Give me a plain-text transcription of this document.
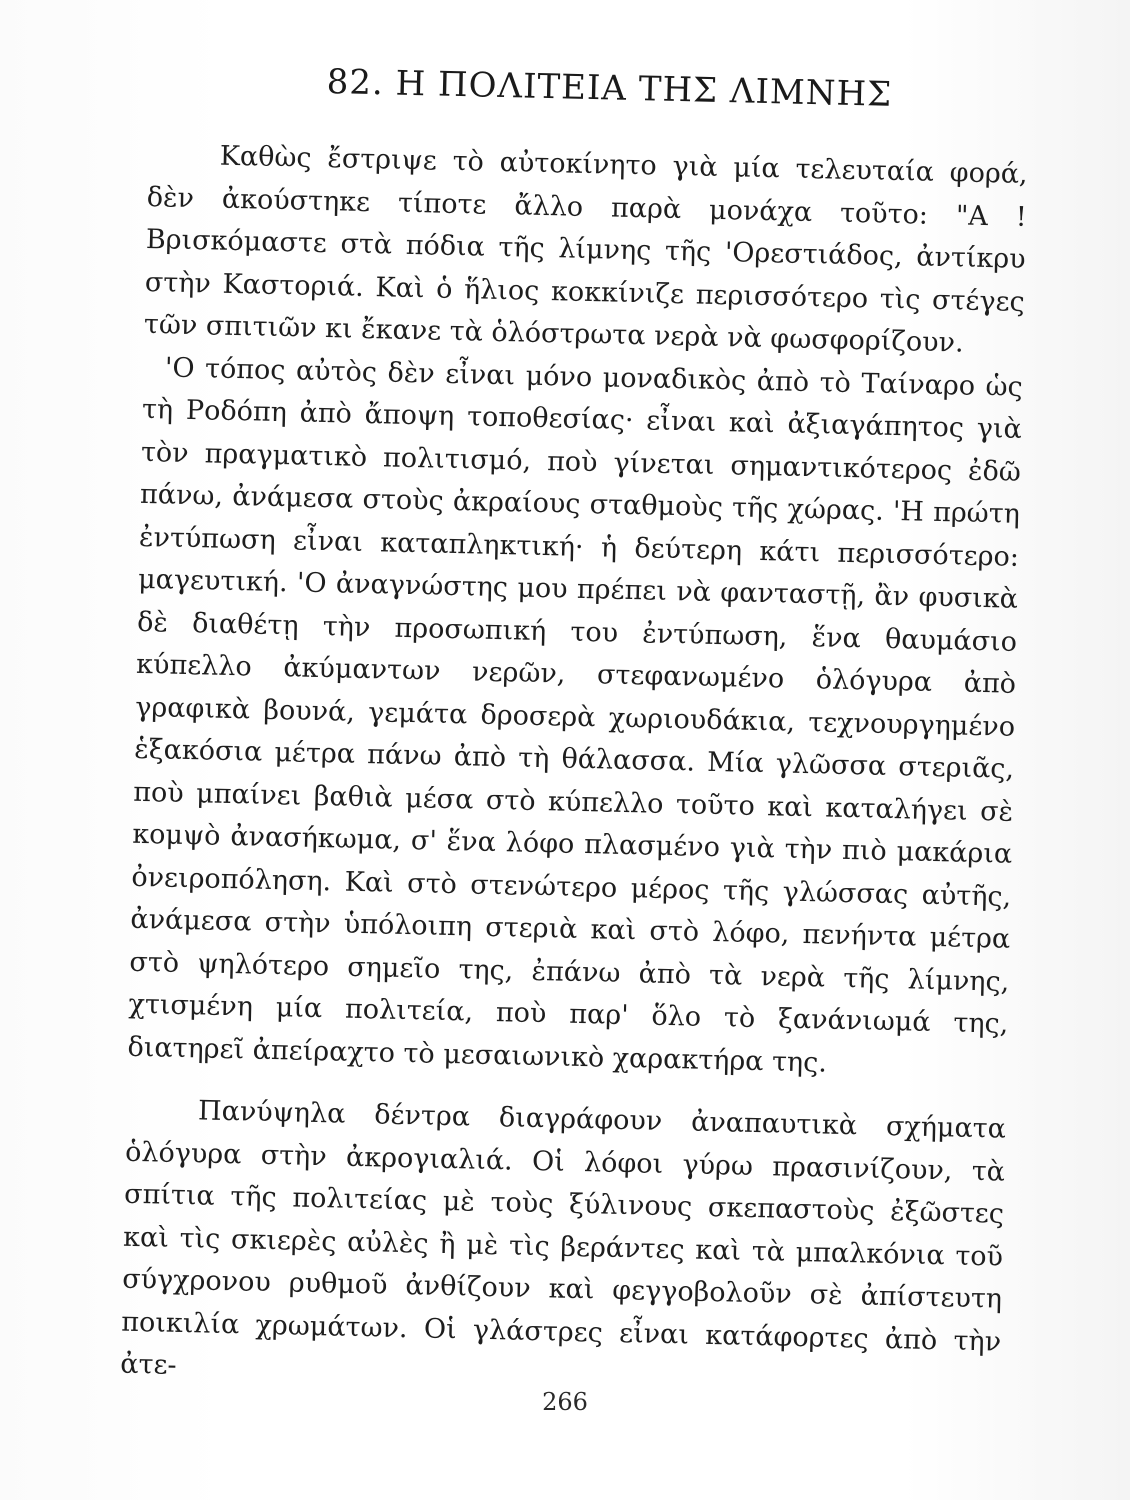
82. Η ΠΟΛΙΤΕΙΑ ΤΗΣ ΛΙΜΝΗΣ

Καθὼς ἔστριψε τὸ αὐτοκίνητο γιὰ μία τελευταία φορά, δὲν ἀκούστηκε τίποτε ἄλλο παρὰ μονάχα τοῦτο: "Α ! Βρισκόμαστε στὰ πόδια τῆς λίμνης τῆς 'Ορεστιάδος, ἀντίκρυ στὴν Καστοριά. Καὶ ὁ ἥλιος κοκκίνιζε περισσότερο τὶς στέγες τῶν σπιτιῶν κι ἔκανε τὰ ὁλόστρωτα νερὰ νὰ φωσφορίζουν.

'Ο τόπος αὐτὸς δὲν εἶναι μόνο μοναδικὸς ἀπὸ τὸ Ταίναρο ὡς τὴ Ροδόπη ἀπὸ ἄποψη τοποθεσίας· εἶναι καὶ ἀξιαγάπητος γιὰ τὸν πραγματικὸ πολιτισμό, ποὺ γίνεται σημαντικότερος ἐδῶ πάνω, ἀνάμεσα στοὺς ἀκραίους σταθμοὺς τῆς χώρας. 'Η πρώτη ἐντύπωση εἶναι καταπληκτική· ἡ δεύτερη κάτι περισσότερο: μαγευτική. 'Ο ἀναγνώστης μου πρέπει νὰ φανταστῇ, ἂν φυσικὰ δὲ διαθέτῃ τὴν προσωπική του ἐντύπωση, ἕνα θαυμάσιο κύπελλο ἀκύμαντων νερῶν, στεφανωμένο ὁλόγυρα ἀπὸ γραφικὰ βουνά, γεμάτα δροσερὰ χωριουδάκια, τεχνουργημένο ἑξακόσια μέτρα πάνω ἀπὸ τὴ θάλασσα. Μία γλῶσσα στεριᾶς, ποὺ μπαίνει βαθιὰ μέσα στὸ κύπελλο τοῦτο καὶ καταλήγει σὲ κομψὸ ἀνασήκωμα, σ' ἕνα λόφο πλασμένο γιὰ τὴν πιὸ μακάρια ὀνειροπόληση. Καὶ στὸ στενώτερο μέρος τῆς γλώσσας αὐτῆς, ἀνάμεσα στὴν ὑπόλοιπη στεριὰ καὶ στὸ λόφο, πενήντα μέτρα στὸ ψηλότερο σημεῖο της, ἐπάνω ἀπὸ τὰ νερὰ τῆς λίμνης, χτισμένη μία πολιτεία, ποὺ παρ' ὅλο τὸ ξανάνιωμά της, διατηρεῖ ἀπείραχτο τὸ μεσαιωνικὸ χαρακτήρα της.

Πανύψηλα δέντρα διαγράφουν ἀναπαυτικὰ σχήματα ὁλόγυρα στὴν ἀκρογιαλιά. Οἱ λόφοι γύρω πρασινίζουν, τὰ σπίτια τῆς πολιτείας μὲ τοὺς ξύλινους σκεπαστοὺς ἐξῶστες καὶ τὶς σκιερὲς αὐλὲς ἢ μὲ τὶς βεράντες καὶ τὰ μπαλκόνια τοῦ σύγχρονου ρυθμοῦ ἀνθίζουν καὶ φεγγοβολοῦν σὲ ἀπίστευτη ποικιλία χρωμάτων. Οἱ γλάστρες εἶναι κατάφορτες ἀπὸ τὴν ἀτε-

266
